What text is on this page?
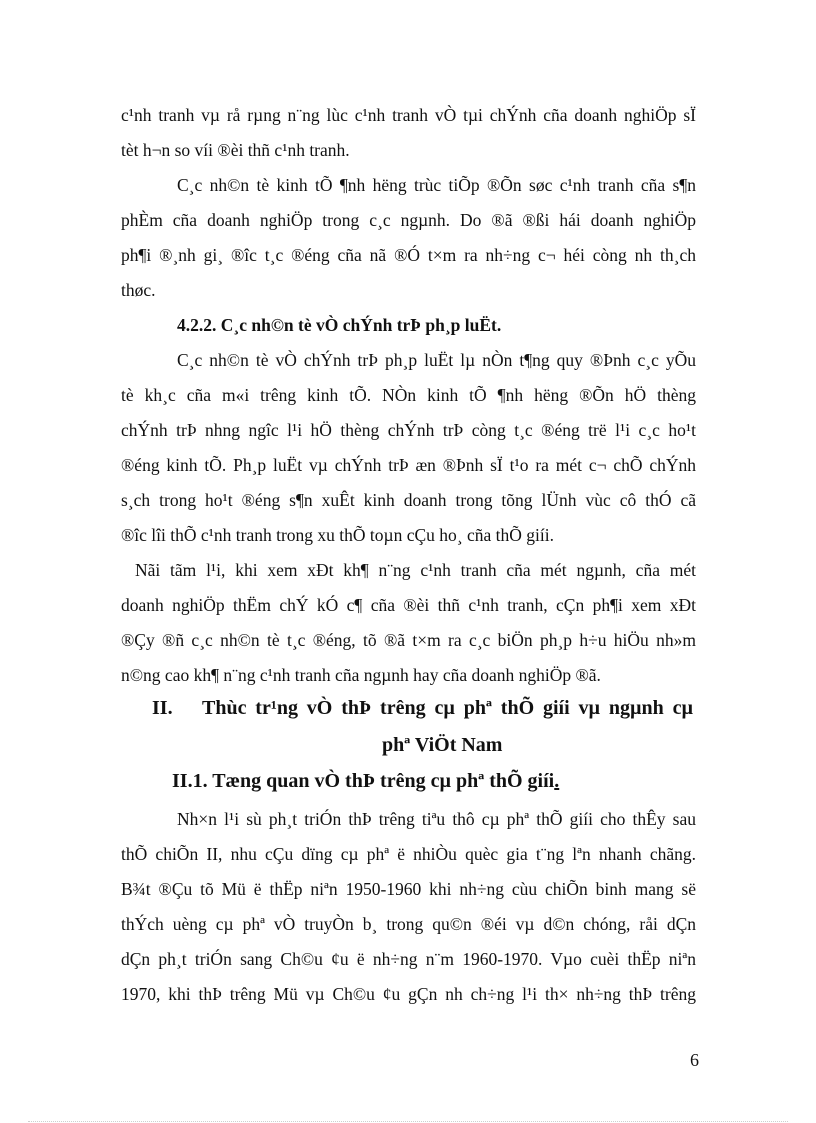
c¹nh tranh vµ rå rµng n¨ng lùc c¹nh tranh vÒ tµi chÝnh cña doanh nghiÖp sÏ
tèt h¬n so víi ®èi thñ c¹nh tranh.
C¸c nh©n tè kinh tÕ ¶nh hëng trùc tiÕp ®Õn søc c¹nh tranh cña s¶n
phÈm cña doanh nghiÖp trong c¸c ngµnh. Do ®ã ®ßi hái doanh nghiÖp
ph¶i ®¸nh gi¸ ®îc t¸c ®éng cña nã ®Ó t×m ra nh÷ng c¬ héi còng nh th¸ch
thøc.
4.2.2. C¸c nh©n tè vÒ chÝnh trÞ ph¸p luËt.
C¸c nh©n tè vÒ chÝnh trÞ ph¸p luËt lµ nÒn t¶ng quy ®Þnh c¸c yÕu
tè kh¸c cña m«i trêng kinh tÕ. NÒn kinh tÕ ¶nh hëng ®Õn hÖ thèng
chÝnh trÞ nhng ngîc l¹i hÖ thèng chÝnh trÞ còng t¸c ®éng trë l¹i c¸c ho¹t
®éng kinh tÕ. Ph¸p luËt vµ chÝnh trÞ æn ®Þnh sÏ t¹o ra mét c¬ chÕ chÝnh
s¸ch trong ho¹t ®éng s¶n xuÊt kinh doanh trong tõng lÜnh vùc cô thÓ cã
®îc lîi thÕ c¹nh tranh trong xu thÕ toµn cÇu ho¸ cña thÕ giíi.
Nãi tãm l¹i, khi xem xÐt kh¶ n¨ng c¹nh tranh cña mét ngµnh, cña mét
doanh nghiÖp thËm chÝ kÓ c¶ cña ®èi thñ c¹nh tranh, cÇn ph¶i xem xÐt
®Çy ®ñ c¸c nh©n tè t¸c ®éng, tõ ®ã t×m ra c¸c biÖn ph¸p h÷u hiÖu nh»m
n©ng cao kh¶ n¨ng c¹nh tranh cña ngµnh hay cña doanh nghiÖp ®ã.
II. Thùc tr¹ng vÒ thÞ trêng cµ phª thÕ giíi vµ ngµnh cµ
phª ViÖt Nam
II.1. Tæng quan vÒ thÞ trêng cµ phª thÕ giíi.
Nh×n l¹i sù ph¸t triÓn thÞ trêng tiªu thô cµ phª thÕ giíi cho thÊy sau
thÕ chiÕn II, nhu cÇu dïng cµ phª ë nhiÒu quèc gia t¨ng lªn nhanh chãng.
B¾t ®Çu tõ Mü ë thËp niªn 1950-1960 khi nh÷ng cùu chiÕn binh mang së
thÝch uèng cµ phª vÒ truyÒn b¸ trong qu©n ®éi vµ d©n chóng, råi dÇn
dÇn ph¸t triÓn sang Ch©u ¢u ë nh÷ng n¨m 1960-1970. Vµo cuèi thËp niªn
1970, khi thÞ trêng Mü vµ Ch©u ¢u gÇn nh ch÷ng l¹i th× nh÷ng thÞ trêng
6
